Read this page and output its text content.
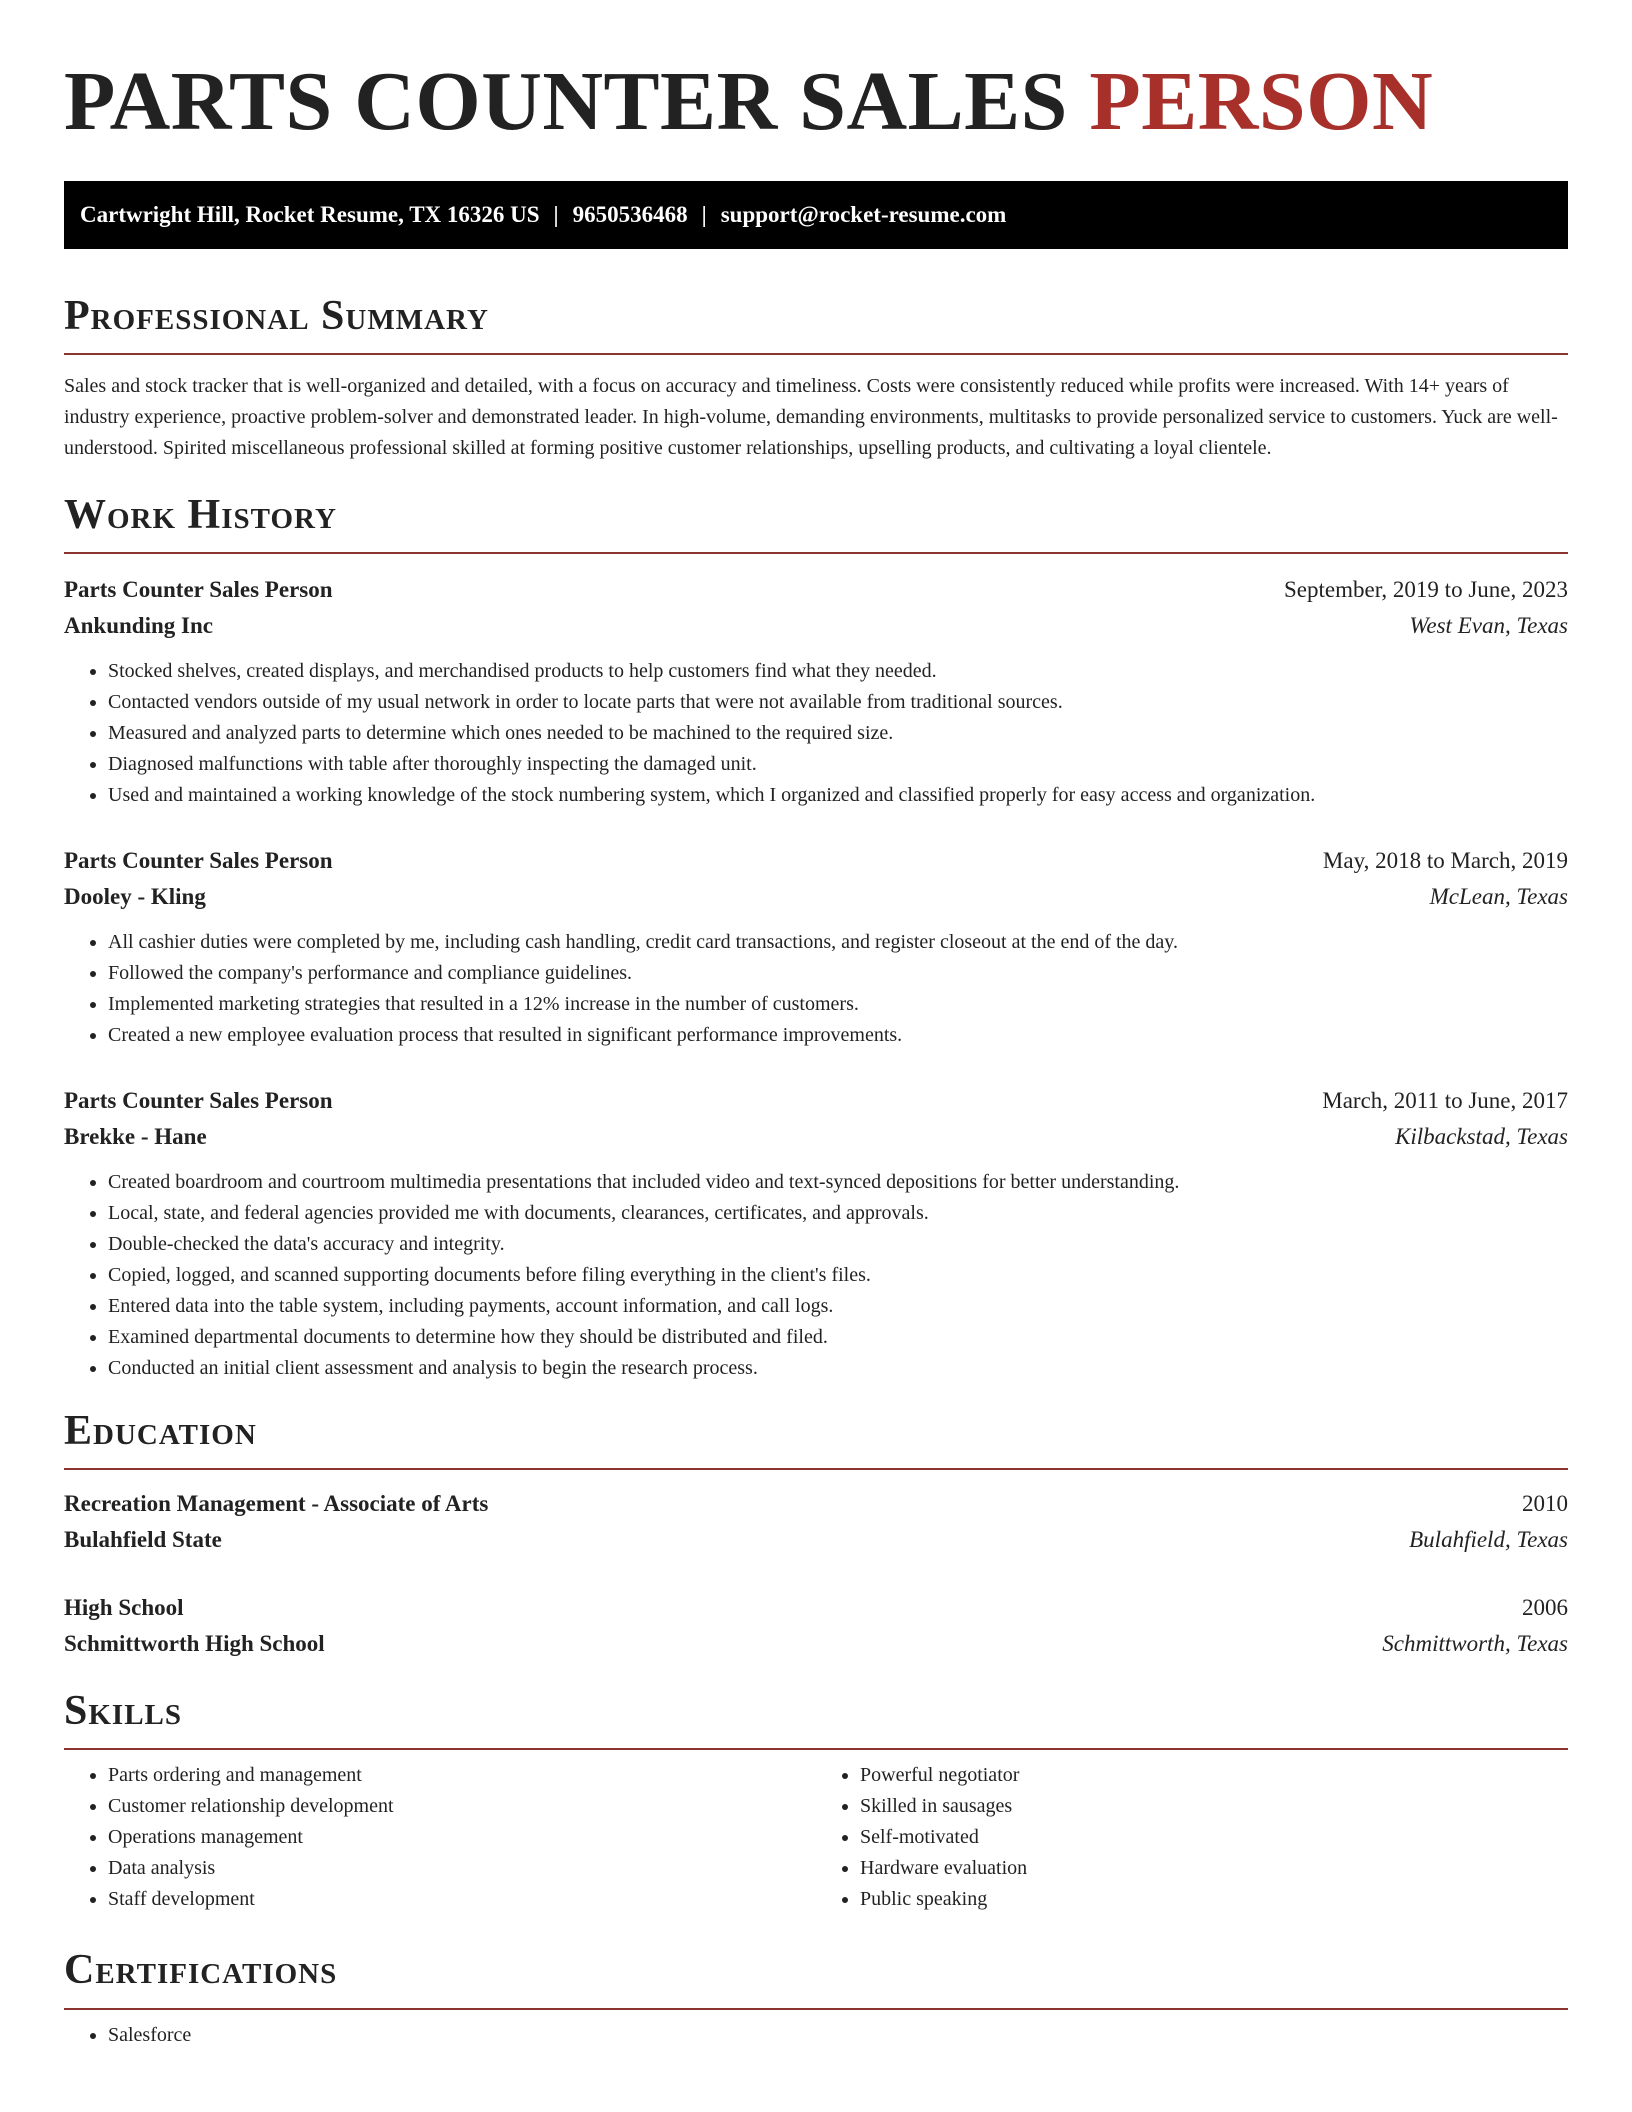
PARTS COUNTER SALES PERSON
Cartwright Hill, Rocket Resume, TX 16326 US | 9650536468 | support@rocket-resume.com
Professional Summary

Sales and stock tracker that is well-organized and detailed, with a focus on accuracy and timeliness. Costs were consistently reduced while profits were increased. With 14+ years of industry experience, proactive problem-solver and demonstrated leader. In high-volume, demanding environments, multitasks to provide personalized service to customers. Yuck are well-understood. Spirited miscellaneous professional skilled at forming positive customer relationships, upselling products, and cultivating a loyal clientele.

Work History
Parts Counter Sales Person	September, 2019 to June, 2023
Ankunding Inc	West Evan, Texas
• Stocked shelves, created displays, and merchandised products to help customers find what they needed.
• Contacted vendors outside of my usual network in order to locate parts that were not available from traditional sources.
• Measured and analyzed parts to determine which ones needed to be machined to the required size.
• Diagnosed malfunctions with table after thoroughly inspecting the damaged unit.
• Used and maintained a working knowledge of the stock numbering system, which I organized and classified properly for easy access and organization.
Parts Counter Sales Person	May, 2018 to March, 2019
Dooley - Kling	McLean, Texas
• All cashier duties were completed by me, including cash handling, credit card transactions, and register closeout at the end of the day.
• Followed the company's performance and compliance guidelines.
• Implemented marketing strategies that resulted in a 12% increase in the number of customers.
• Created a new employee evaluation process that resulted in significant performance improvements.
Parts Counter Sales Person	March, 2011 to June, 2017
Brekke - Hane	Kilbackstad, Texas
• Created boardroom and courtroom multimedia presentations that included video and text-synced depositions for better understanding.
• Local, state, and federal agencies provided me with documents, clearances, certificates, and approvals.
• Double-checked the data's accuracy and integrity.
• Copied, logged, and scanned supporting documents before filing everything in the client's files.
• Entered data into the table system, including payments, account information, and call logs.
• Examined departmental documents to determine how they should be distributed and filed.
• Conducted an initial client assessment and analysis to begin the research process.
Education
Recreation Management - Associate of Arts	2010
Bulahfield State	Bulahfield, Texas
High School	2006
Schmittworth High School	Schmittworth, Texas
Skills
• Parts ordering and management
• Customer relationship development
• Operations management
• Data analysis
• Staff development
• Powerful negotiator
• Skilled in sausages
• Self-motivated
• Hardware evaluation
• Public speaking
Certifications
• Salesforce
